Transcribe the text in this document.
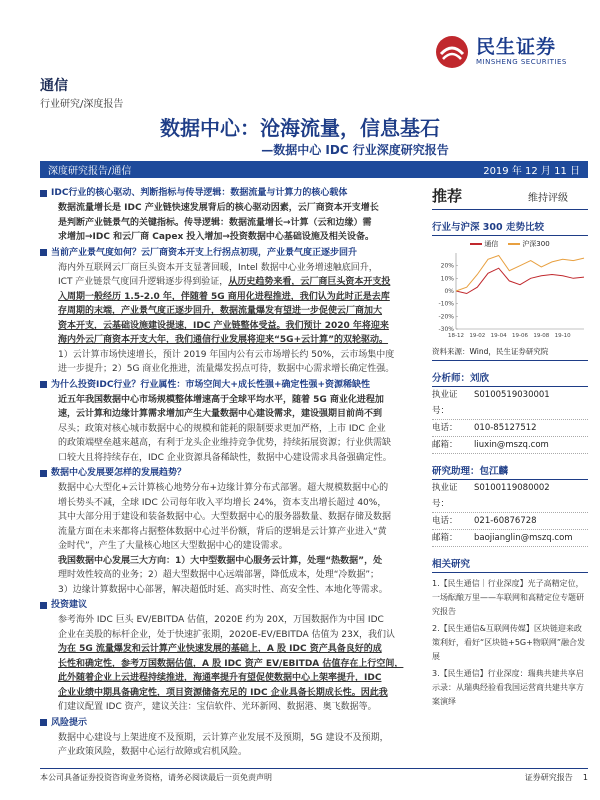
民生证券
MINSHENG SECURITIES
通信
行业研究/深度报告
数据中心：沧海流量，信息基石
—数据中心 IDC 行业深度研究报告
深度研究报告/通信	2019 年 12 月 11 日
IDC行业的核心驱动、判断指标与传导逻辑：数据流量与计算力的核心载体

数据流量增长是 IDC 产业链快速发展背后的核心驱动因素，云厂商资本开支增长

是判断产业链景气的关键指标。传导逻辑：数据流量增长→计算（云和边缘）需

求增加→IDC 和云厂商 Capex 投入增加→投资数据中心基础设施及相关设备。

当前产业景气度如何？云厂商资本开支上行拐点初现，产业景气度正逐步回升

海内外互联网云厂商巨头资本开支显著回暖，Intel 数据中心业务增速触底回升，

ICT 产业链景气度回升逻辑逐步得到验证，从历史趋势来看，云厂商巨头资本开支投

入周期一般经历 1.5-2.0 年，伴随着 5G 商用化进程推进，我们认为此时正是去库

存周期的末端，产业景气度正逐步回升，数据流量爆发有望进一步促使云厂商加大

资本开支，云基础设施建设提速，IDC 产业链整体受益。我们预计 2020 年将迎来

海内外云厂商资本开支大年，我们通信行业发展将迎来“5G+云计算”的双轮驱动。

1）云计算市场快速增长，预计 2019 年国内公有云市场增长约 50%，云市场集中度

进一步提升；2）5G 商业化推进，流量爆发拐点可待，数据中心需求增长确定性强。

为什么投资IDC行业？行业属性：市场空间大+成长性强+确定性强+资源稀缺性

近五年我国数据中心市场规模整体增速高于全球平均水平，随着 5G 商业化进程加

速，云计算和边缘计算需求增加产生大量数据中心建设需求，建设强期目前尚不到

尽头；政策对核心城市数据中心的规模和能耗的限制要求更加严格，上市 IDC 企业

的政策端壁垒越来越高，有利于龙头企业维持竞争优势，持续拓展资源；行业供需缺

口较大且将持续存在，IDC 企业资源具备稀缺性，数据中心建设需求具备强确定性。

数据中心发展要怎样的发展趋势？

数据中心大型化+云计算核心地势分布+边缘计算分布式部署。超大规模数据中心的

增长势头不减，全球 IDC 公司每年收入平均增长 24%，资本支出增长超过 40%，

其中大部分用于建设和装备数据中心。大型数据中心的服务器数量、数据存储及数据

流量方面在未来都将占据整体数据中心过半份额，背后的逻辑是云计算产业进入“黄

金时代”，产生了大量核心地区大型数据中心的建设需求。

我国数据中心发展三大方向：1）大中型数据中心服务云计算，处理“热数据”，处

理时效性较高的业务；2）超大型数据中心远端部署，降低成本，处理“冷数据”；

3）边缘计算数据中心部署，解决超低时延、高实时性、高安全性、本地化等需求。

投资建议

参考海外 IDC 巨头 EV/EBITDA 估值，2020E 约为 20X，万国数据作为中国 IDC

企业在美股的标杆企业，处于快速扩张期，2020E-EV/EBITDA 估值为 23X，我们认

为在 5G 流量爆发和云计算产业快速发展的基础上，A 股 IDC 资产具备良好的成

长性和确定性，参考万国数据估值，A 股 IDC 资产 EV/EBITDA 估值存在上行空间，

此外随着企业上云进程持续推进，海通率提升有望促使数据中心上架率提升，IDC

企业业绩中期具备确定性，项目资源储备充足的 IDC 企业具备长期成长性。因此我

们建议配置 IDC 资产，建议关注：宝信软件、光环新网、数据港、奥飞数据等。

风险提示

数据中心建设与上架进度不及预期，云计算产业发展不及预期，5G 建设不及预期，

产业政策风险，数据中心运行故障或宕机风险。

推荐	维持评级
行业与沪深 300 走势比较
通信	沪深300
20%
10%
0%
-10%
-20%
-30%
18-12 19-02 19-04 19-06 19-08 19-10
资料来源：Wind，民生证券研究院
分析师：刘欣
执业证号：
S0100519030001
电话：	010-85127512
邮箱：	liuxin@mszq.com
研究助理：包江麟
执业证号：
S0100119080002
电话：	021-60876728
邮箱：	baojianglin@mszq.com
相关研究
1.【民生通信｜行业深度】光子高精定位，一场酝酿万里——车联网和高精定位专题研究报告
2.【民生通信&互联网传媒】区块链迎来政策利好，看好“区块链+5G+物联网”融合发展
3.【民生通信】行业深度：瑞典共建共享启示录：从瑞典经验看我国运营商共建共享方案演绎
本公司具备证券投资咨询业务资格，请务必阅读最后一页免责声明	证券研究报告 1
